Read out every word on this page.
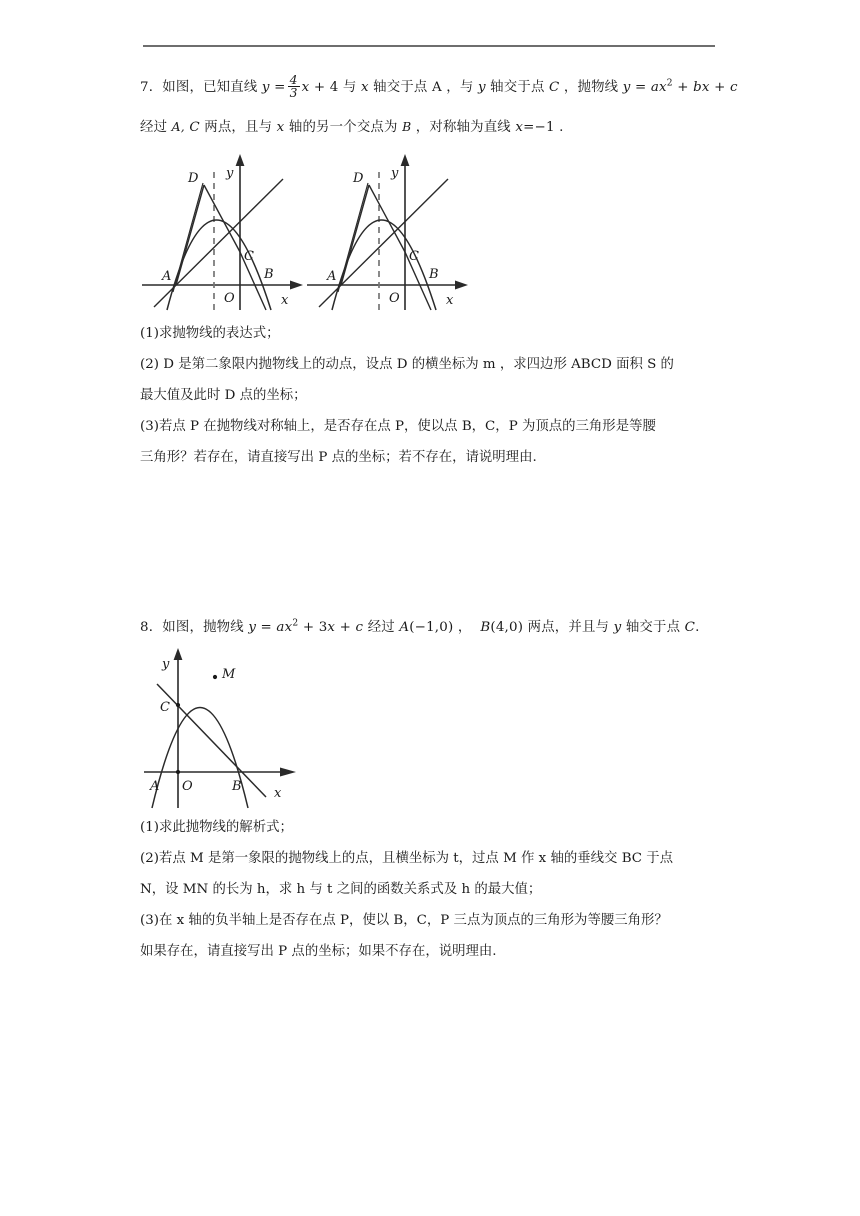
7．如图，已知直线 $y = \frac{4}{3}$ x + 4 与 x 轴交于点 A ，与 y 轴交于点 C ，抛物线 $y = ax^2$ + bx + c
经过 A, C 两点，且与 x 轴的另一个交点为 B ，对称轴为直线 x=−1 .
D
C
A	B
O	x
y	D
C
A	B
O	x
y
(1)求抛物线的表达式；
(2) D 是第二象限内抛物线上的动点，设点 D 的横坐标为 m ，求四边形 ABCD 面积 S 的
最大值及此时 D 点的坐标；
(3)若点 P 在抛物线对称轴上，是否存在点 P，使以点 B，C，P 为顶点的三角形是等腰
三角形？若存在，请直接写出 P 点的坐标；若不存在，请说明理由.
8．如图，抛物线 $y = ax^2 + 3x + c$ 经过 A(−1,0) ，  B(4,0) 两点，并且与 y 轴交于点 C.
M
C
A O	B x
y
(1)求此抛物线的解析式；
(2)若点 M 是第一象限的抛物线上的点，且横坐标为 t，过点 M 作 x 轴的垂线交 BC 于点
N，设 MN 的长为 h，求 h 与 t 之间的函数关系式及 h 的最大值；
(3)在 x 轴的负半轴上是否存在点 P，使以 B，C，P 三点为顶点的三角形为等腰三角形？
如果存在，请直接写出 P 点的坐标；如果不存在，说明理由.
